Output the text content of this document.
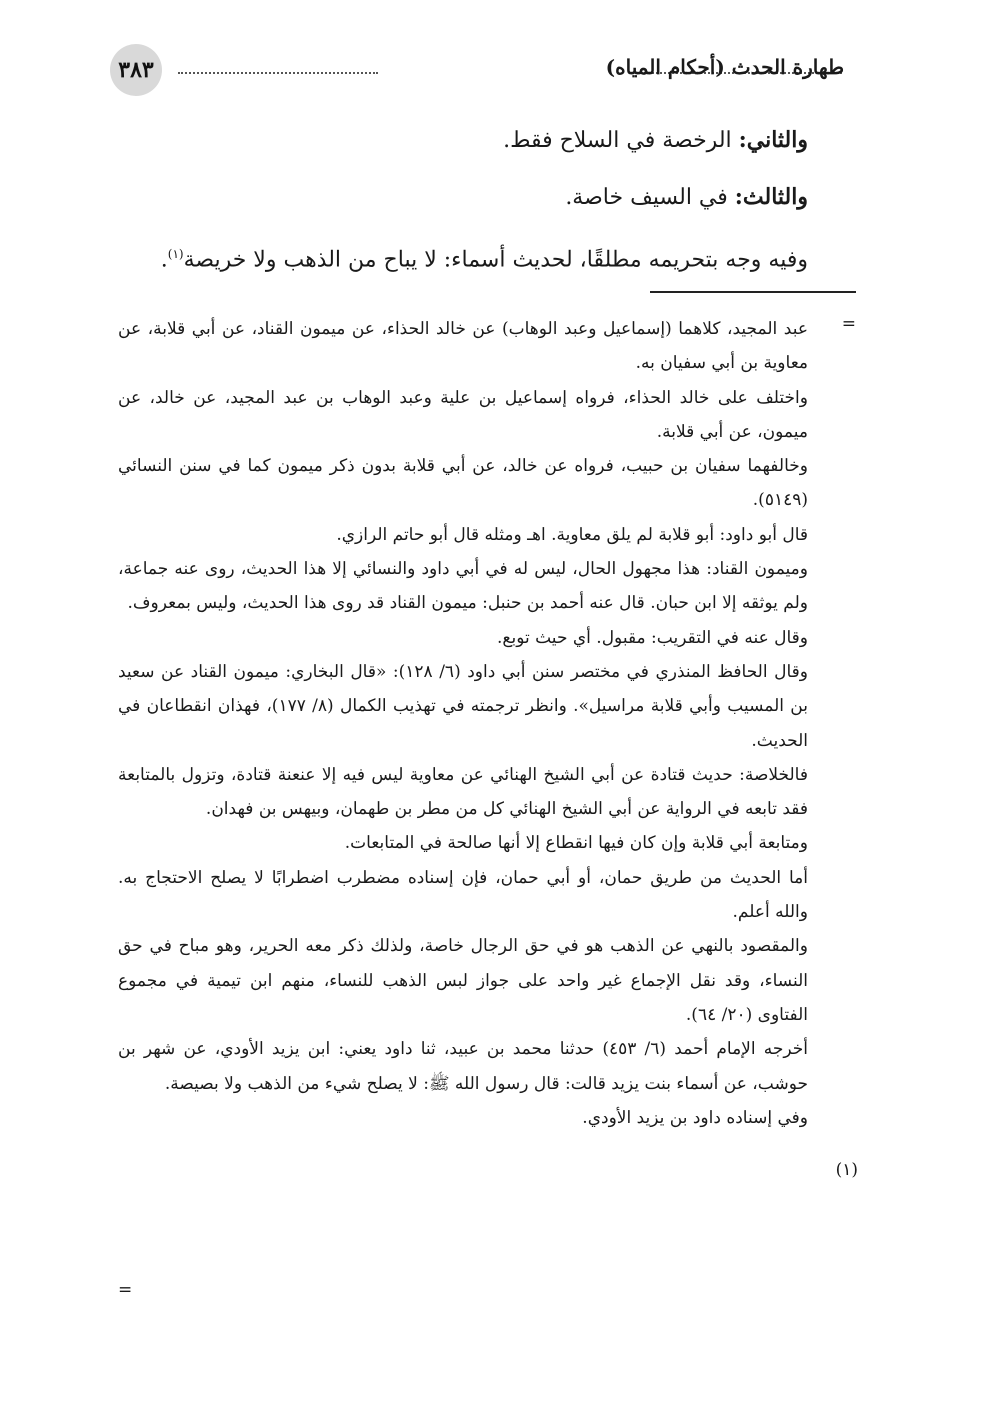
٣٨٣	طهارة الحدث (أحكام المياه)

والثاني: الرخصة في السلاح فقط.

والثالث: في السيف خاصة.

وفيه وجه بتحريمه مطلقًا، لحديث أسماء: لا يباح من الذهب ولا خريصة$^{(١)}$.

=
(١)
=

عبد المجيد، كلاهما (إسماعيل وعبد الوهاب) عن خالد الحذاء، عن ميمون القناد، عن أبي قلابة، عن معاوية بن أبي سفيان به.

واختلف على خالد الحذاء، فرواه إسماعيل بن علية وعبد الوهاب بن عبد المجيد، عن خالد، عن ميمون، عن أبي قلابة.

وخالفهما سفيان بن حبيب، فرواه عن خالد، عن أبي قلابة بدون ذكر ميمون كما في سنن النسائي (٥١٤٩).

قال أبو داود: أبو قلابة لم يلق معاوية. اهـ ومثله قال أبو حاتم الرازي.

وميمون القناد: هذا مجهول الحال، ليس له في أبي داود والنسائي إلا هذا الحديث، روى عنه جماعة، ولم يوثقه إلا ابن حبان. قال عنه أحمد بن حنبل: ميمون القناد قد روى هذا الحديث، وليس بمعروف.

وقال عنه في التقريب: مقبول. أي حيث توبع.

وقال الحافظ المنذري في مختصر سنن أبي داود (٦/ ١٢٨): «قال البخاري: ميمون القناد عن سعيد بن المسيب وأبي قلابة مراسيل». وانظر ترجمته في تهذيب الكمال (٨/ ١٧٧)، فهذان انقطاعان في الحديث.

فالخلاصة: حديث قتادة عن أبي الشيخ الهنائي عن معاوية ليس فيه إلا عنعنة قتادة، وتزول بالمتابعة فقد تابعه في الرواية عن أبي الشيخ الهنائي كل من مطر بن طهمان، وبيهس بن فهدان.

ومتابعة أبي قلابة وإن كان فيها انقطاع إلا أنها صالحة في المتابعات.

أما الحديث من طريق حمان، أو أبي حمان، فإن إسناده مضطرب اضطرابًا لا يصلح الاحتجاج به. والله أعلم.

والمقصود بالنهي عن الذهب هو في حق الرجال خاصة، ولذلك ذكر معه الحرير، وهو مباح في حق النساء، وقد نقل الإجماع غير واحد على جواز لبس الذهب للنساء، منهم ابن تيمية في مجموع الفتاوى (٢٠/ ٦٤).

أخرجه الإمام أحمد (٦/ ٤٥٣) حدثنا محمد بن عبيد، ثنا داود يعني: ابن يزيد الأودي، عن شهر بن حوشب، عن أسماء بنت يزيد قالت: قال رسول الله ﷺ: لا يصلح شيء من الذهب ولا بصيصة.

وفي إسناده داود بن يزيد الأودي.
